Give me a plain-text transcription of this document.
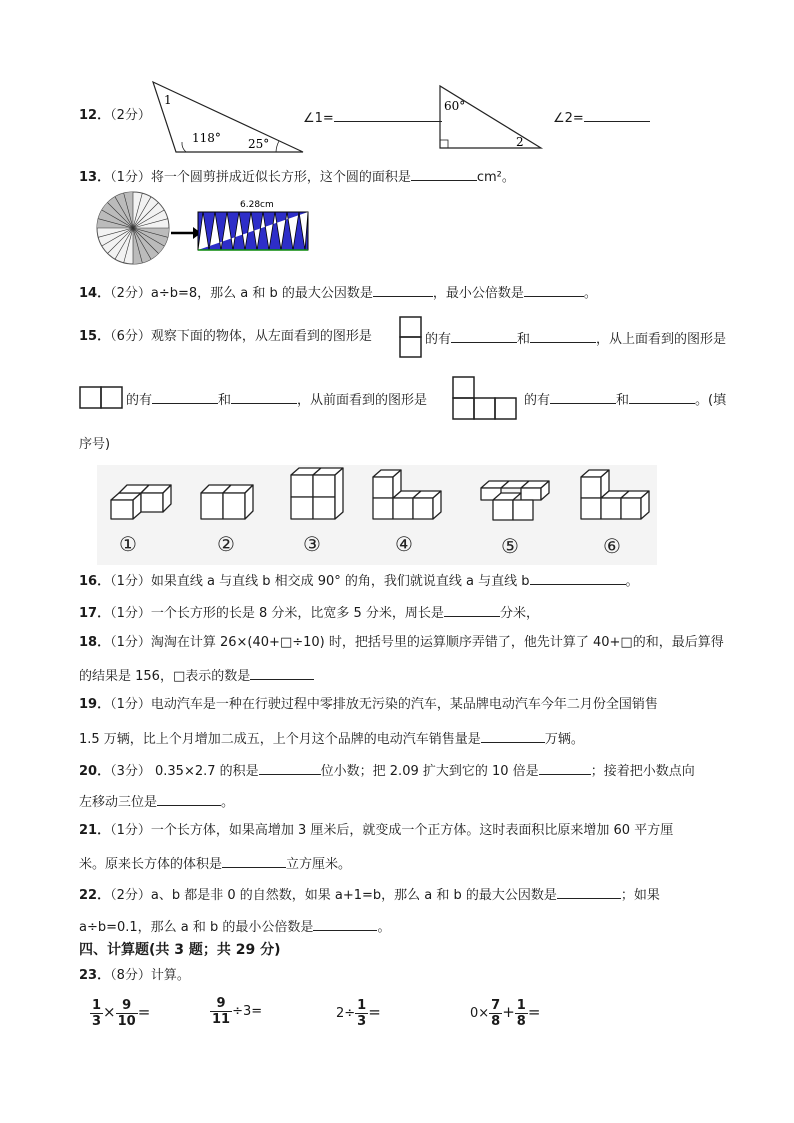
12．（2分）
1
118° 25°
∠1=
60°
2
∠2=
13．（1分）将一个圆剪拼成近似长方形，这个圆的面积是	cm²。
6.28cm
14．（2分）a÷b=8，那么 a 和 b 的最大公因数是	，最小公倍数是	。
15．（6分）观察下面的物体，从左面看到的图形是	的有	和	，从上面看到的图形是
的有	和	，从前面看到的图形是	的有	和	。(填
序号)
①	②	③	④	⑤	⑥
16．（1分）如果直线 a 与直线 b 相交成 90° 的角，我们就说直线 a 与直线 b	。
17．（1分）一个长方形的长是 8 分米，比宽多 5 分米，周长是	分米，
18．（1分）淘淘在计算 26×(40+□÷10) 时，把括号里的运算顺序弄错了，他先计算了 40+□的和，最后算得
的结果是 156，□表示的数是
19．（1分）电动汽车是一种在行驶过程中零排放无污染的汽车，某品牌电动汽车今年二月份全国销售
1.5 万辆，比上个月增加二成五，上个月这个品牌的电动汽车销售量是	万辆。
20．（3分） 0.35×2.7 的积是	位小数；把 2.09 扩大到它的 10 倍是	；接着把小数点向
左移动三位是	。
21．（1分）一个长方体，如果高增加 3 厘米后，就变成一个正方体。这时表面积比原来增加 60 平方厘
米。原来长方体的体积是	立方厘米。
22．（2分）a、b 都是非 0 的自然数，如果 a+1=b，那么 a 和 b 的最大公因数是	；如果
a÷b=0.1，那么 a 和 b 的最小公倍数是	。
四、计算题(共 3 题；共 29 分)
23．（8分）计算。
$\frac{1}{3} \times \frac{9}{10}$ =	$\frac{9}{11} \div 3=$	$2\div \frac{1}{3}$ =	$0\times \frac{7}{8} + \frac{1}{8}$ =
